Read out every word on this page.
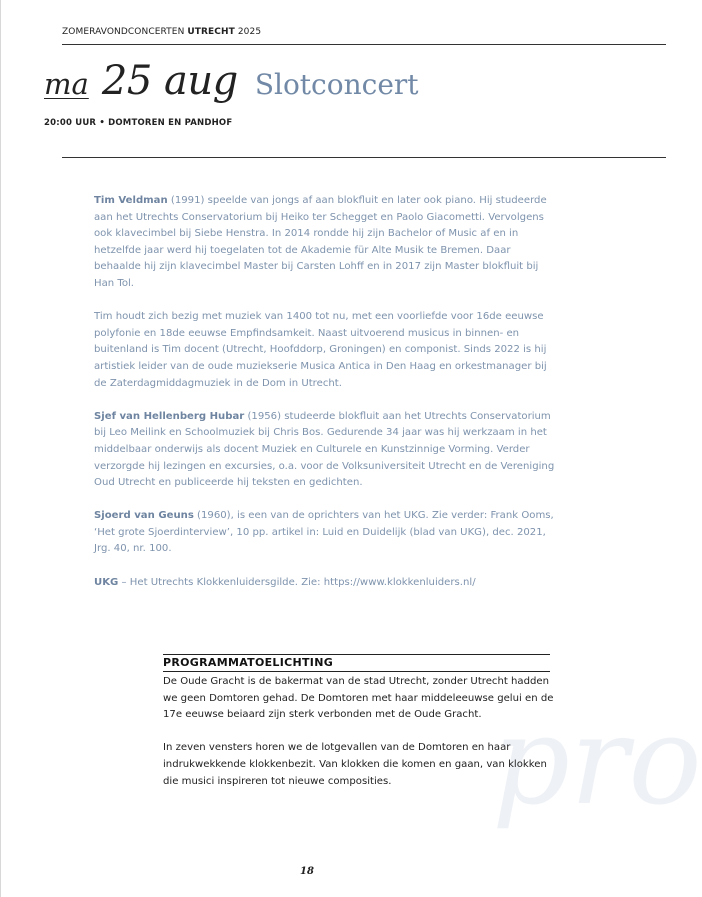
ZOMERAVONDCONCERTEN UTRECHT 2025
ma 25 aug Slotconcert
20:00 UUR • DOMTOREN EN PANDHOF

Tim Veldman (1991) speelde van jongs af aan blokfluit en later ook piano. Hij studeerde aan het Utrechts Conservatorium bij Heiko ter Schegget en Paolo Giacometti. Vervolgens ook klavecimbel bij Siebe Henstra. In 2014 rondde hij zijn Bachelor of Music af en in hetzelfde jaar werd hij toegelaten tot de Akademie für Alte Musik te Bremen. Daar behaalde hij zijn klavecimbel Master bij Carsten Lohff en in 2017 zijn Master blokfluit bij Han Tol.

Tim houdt zich bezig met muziek van 1400 tot nu, met een voorliefde voor 16de eeuwse polyfonie en 18de eeuwse Empfindsamkeit. Naast uitvoerend musicus in binnen- en buitenland is Tim docent (Utrecht, Hoofddorp, Groningen) en componist. Sinds 2022 is hij artistiek leider van de oude muziekserie Musica Antica in Den Haag en orkestmanager bij de Zaterdagmiddagmuziek in de Dom in Utrecht.

Sjef van Hellenberg Hubar (1956) studeerde blokfluit aan het Utrechts Conservatorium bij Leo Meilink en Schoolmuziek bij Chris Bos. Gedurende 34 jaar was hij werkzaam in het middelbaar onderwijs als docent Muziek en Culturele en Kunstzinnige Vorming. Verder verzorgde hij lezingen en excursies, o.a. voor de Volksuniversiteit Utrecht en de Vereniging Oud Utrecht en publiceerde hij teksten en gedichten.

Sjoerd van Geuns (1960), is een van de oprichters van het UKG. Zie verder: Frank Ooms, ‘Het grote Sjoerdinterview’, 10 pp. artikel in: Luid en Duidelijk (blad van UKG), dec. 2021, Jrg. 40, nr. 100.

UKG – Het Utrechts Klokkenluidersgilde. Zie: https://www.klokkenluiders.nl/

pro
PROGRAMMATOELICHTING

De Oude Gracht is de bakermat van de stad Utrecht, zonder Utrecht hadden we geen Domtoren gehad. De Domtoren met haar middeleeuwse gelui en de 17e eeuwse beiaard zijn sterk verbonden met de Oude Gracht.

In zeven vensters horen we de lotgevallen van de Domtoren en haar indrukwekkende klokkenbezit. Van klokken die komen en gaan, van klokken die musici inspireren tot nieuwe composities.

18
